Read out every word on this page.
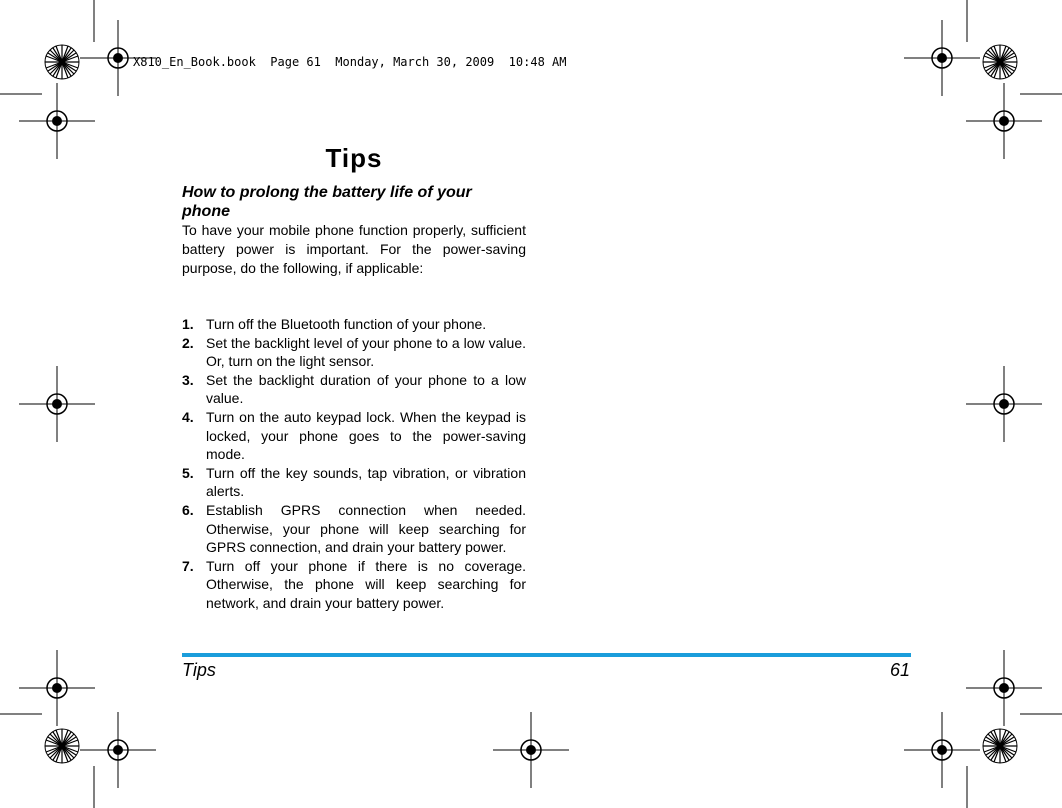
X810_En_Book.book  Page 61  Monday, March 30, 2009  10:48 AM
Tips
How to prolong the battery life of your phone
To have your mobile phone function properly, sufficient battery power is important. For the power-saving purpose, do the following, if applicable:
1. Turn off the Bluetooth function of your phone.
2. Set the backlight level of your phone to a low value. Or, turn on the light sensor.
3. Set the backlight duration of your phone to a low value.
4. Turn on the auto keypad lock. When the keypad is locked, your phone goes to the power-saving mode.
5. Turn off the key sounds, tap vibration, or vibration alerts.
6. Establish GPRS connection when needed. Otherwise, your phone will keep searching for GPRS connection, and drain your battery power.
7. Turn off your phone if there is no coverage. Otherwise, the phone will keep searching for network, and drain your battery power.
Tips	61
